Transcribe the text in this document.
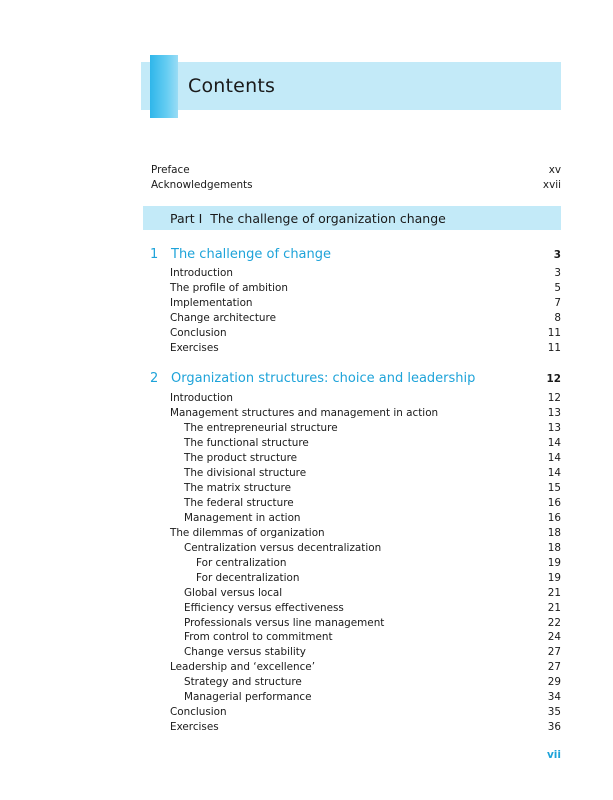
Contents
Preface	xv
Acknowledgements	xvii
Part I The challenge of organization change
1 The challenge of change	3
Introduction	3
The profile of ambition	5
Implementation	7
Change architecture	8
Conclusion	11
Exercises	11
2 Organization structures: choice and leadership	12
Introduction	12
Management structures and management in action	13
The entrepreneurial structure	13
The functional structure	14
The product structure	14
The divisional structure	14
The matrix structure	15
The federal structure	16
Management in action	16
The dilemmas of organization	18
Centralization versus decentralization	18
For centralization	19
For decentralization	19
Global versus local	21
Efficiency versus effectiveness	21
Professionals versus line management	22
From control to commitment	24
Change versus stability	27
Leadership and ‘excellence’	27
Strategy and structure	29
Managerial performance	34
Conclusion	35
Exercises	36
vii
